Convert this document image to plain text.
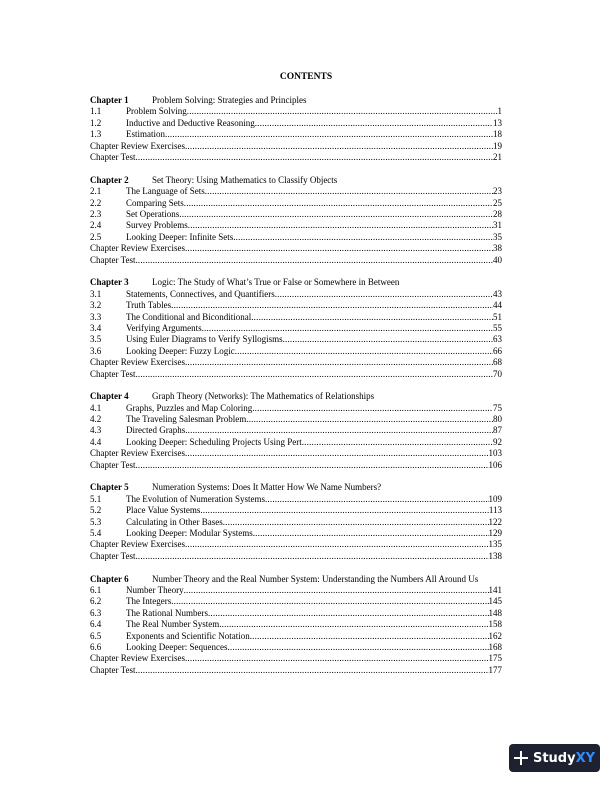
CONTENTS
Chapter 1	Problem Solving: Strategies and Principles
1.1	Problem Solving .....	1
1.2	Inductive and Deductive Reasoning .....	13
1.3	Estimation .....	18
Chapter Review Exercises .....	19
Chapter Test .....	21
Chapter 2	Set Theory: Using Mathematics to Classify Objects
2.1	The Language of Sets .....	23
2.2	Comparing Sets .....	25
2.3	Set Operations .....	28
2.4	Survey Problems .....	31
2.5	Looking Deeper: Infinite Sets .....	35
Chapter Review Exercises .....	38
Chapter Test .....	40
Chapter 3	Logic: The Study of What’s True or False or Somewhere in Between
3.1	Statements, Connectives, and Quantifiers .....	43
3.2	Truth Tables .....	44
3.3	The Conditional and Biconditional .....	51
3.4	Verifying Arguments .....	55
3.5	Using Euler Diagrams to Verify Syllogisms .....	63
3.6	Looking Deeper: Fuzzy Logic .....	66
Chapter Review Exercises .....	68
Chapter Test .....	70
Chapter 4	Graph Theory (Networks): The Mathematics of Relationships
4.1	Graphs, Puzzles and Map Coloring .....	75
4.2	The Traveling Salesman Problem .....	80
4.3	Directed Graphs .....	87
4.4	Looking Deeper: Scheduling Projects Using Pert .....	92
Chapter Review Exercises .....	103
Chapter Test .....	106
Chapter 5	Numeration Systems: Does It Matter How We Name Numbers?
5.1	The Evolution of Numeration Systems .....	109
5.2	Place Value Systems .....	113
5.3	Calculating in Other Bases .....	122
5.4	Looking Deeper: Modular Systems .....	129
Chapter Review Exercises .....	135
Chapter Test .....	138
Chapter 6	Number Theory and the Real Number System: Understanding the Numbers All Around Us
6.1	Number Theory .....	141
6.2	The Integers .....	145
6.3	The Rational Numbers .....	148
6.4	The Real Number System .....	158
6.5	Exponents and Scientific Notation .....	162
6.6	Looking Deeper: Sequences .....	168
Chapter Review Exercises .....	175
Chapter Test .....	177
StudyXY
